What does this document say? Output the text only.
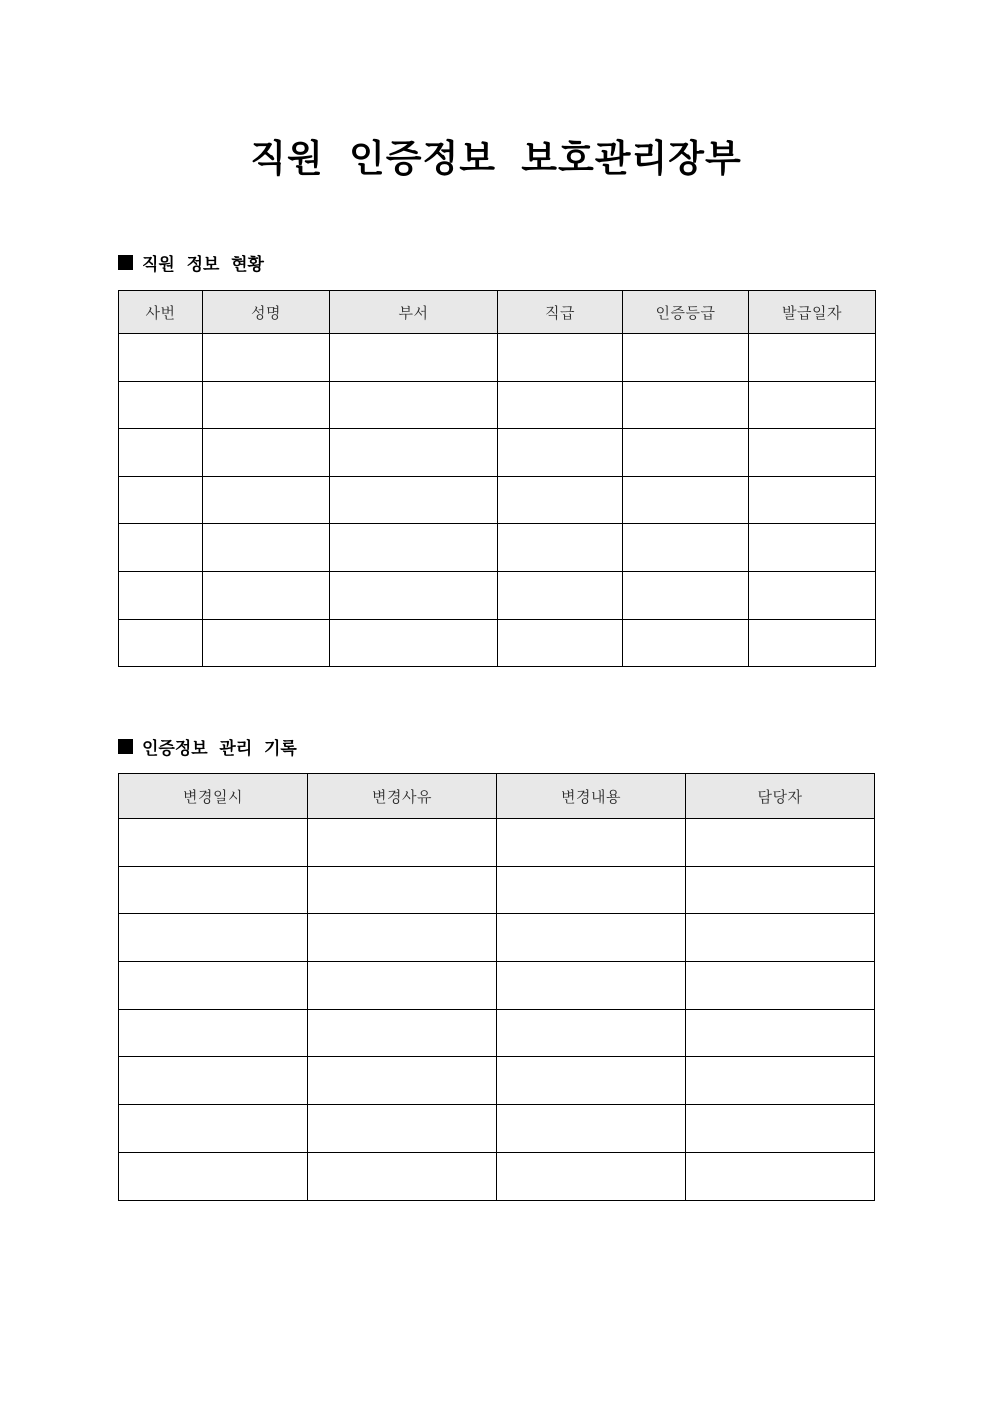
직원 인증정보 보호관리장부
직원 정보 현황
사번	성명	부서	직급	인증등급	발급일자

인증정보 관리 기록
변경일시	변경사유	변경내용	담당자
